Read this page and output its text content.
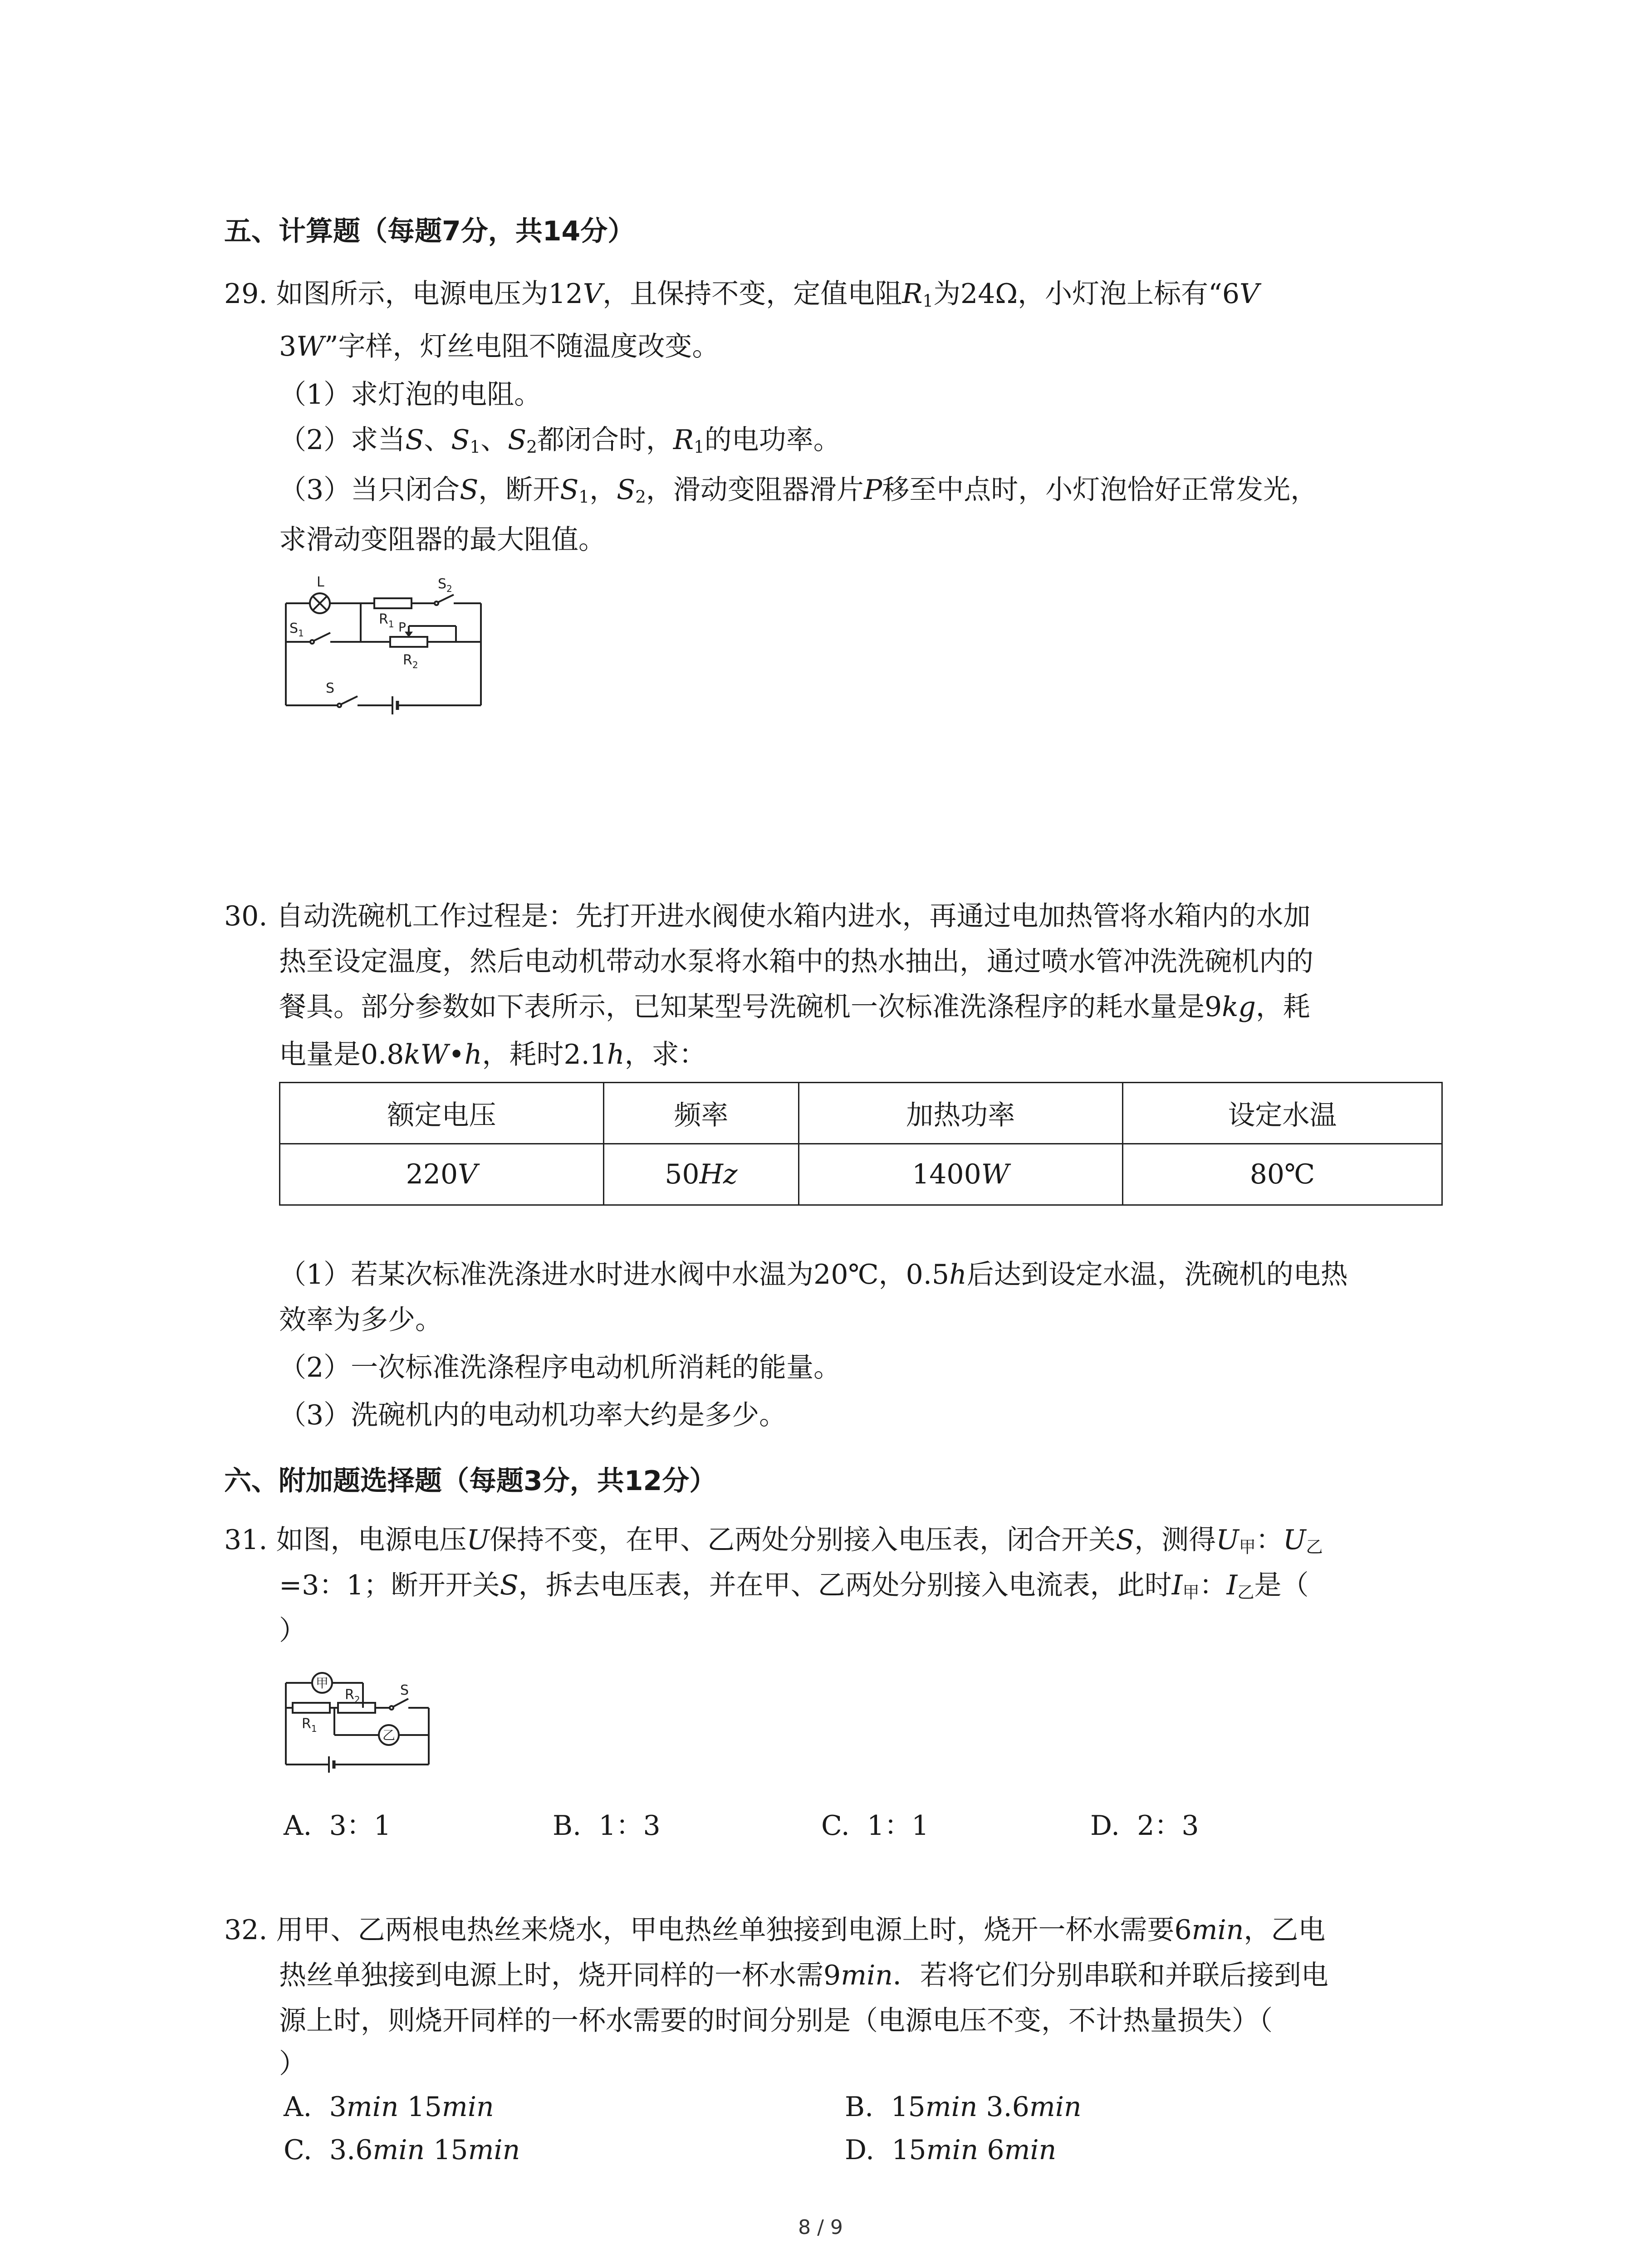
五、计算题（每题7分，共14分）
29. 如图所示，电源电压为12V，且保持不变，定值电阻$R_1$为24Ω，小灯泡上标有“6V
3W”字样，灯丝电阻不随温度改变。
（1）求灯泡的电阻。
（2）求当S、$S_1$、$S_2$都闭合时，$R_1$的电功率。
（3）当只闭合S，断开$S_1$，$S_2$，滑动变阻器滑片P移至中点时，小灯泡恰好正常发光，
求滑动变阻器的最大阻值。
L	$S_2$
$S_1$
$R_1$ P
$R_2$
S
30. 自动洗碗机工作过程是：先打开进水阀使水箱内进水，再通过电加热管将水箱内的水加
热至设定温度，然后电动机带动水泵将水箱中的热水抽出，通过喷水管冲洗洗碗机内的
餐具。部分参数如下表所示，已知某型号洗碗机一次标准洗涤程序的耗水量是9kg，耗
电量是0.8kW•h，耗时2.1h，求：
额定电压	频率	加热功率	设定水温
220V	50Hz	1400W	80℃
（1）若某次标准洗涤进水时进水阀中水温为20℃，0.5h后达到设定水温，洗碗机的电热
效率为多少。
（2）一次标准洗涤程序电动机所消耗的能量。
（3）洗碗机内的电动机功率大约是多少。
六、附加题选择题（每题3分，共12分）
31. 如图，电源电压U保持不变，在甲、乙两处分别接入电压表，闭合开关S，测得$U_甲$：$U_乙$
=3：1；断开开关S，拆去电压表，并在甲、乙两处分别接入电流表，此时$I_甲$：$I_乙$是（
）
甲
乙
$R_2$
$R_1$
S
A. 3：1	B. 1：3	C. 1：1	D. 2：3
32. 用甲、乙两根电热丝来烧水，甲电热丝单独接到电源上时，烧开一杯水需要6min，乙电
热丝单独接到电源上时，烧开同样的一杯水需9min．若将它们分别串联和并联后接到电
源上时，则烧开同样的一杯水需要的时间分别是（电源电压不变，不计热量损失）（
）
A. 3min 15min	B. 15min 3.6min
C. 3.6min 15min	D. 15min 6min
8 / 9
